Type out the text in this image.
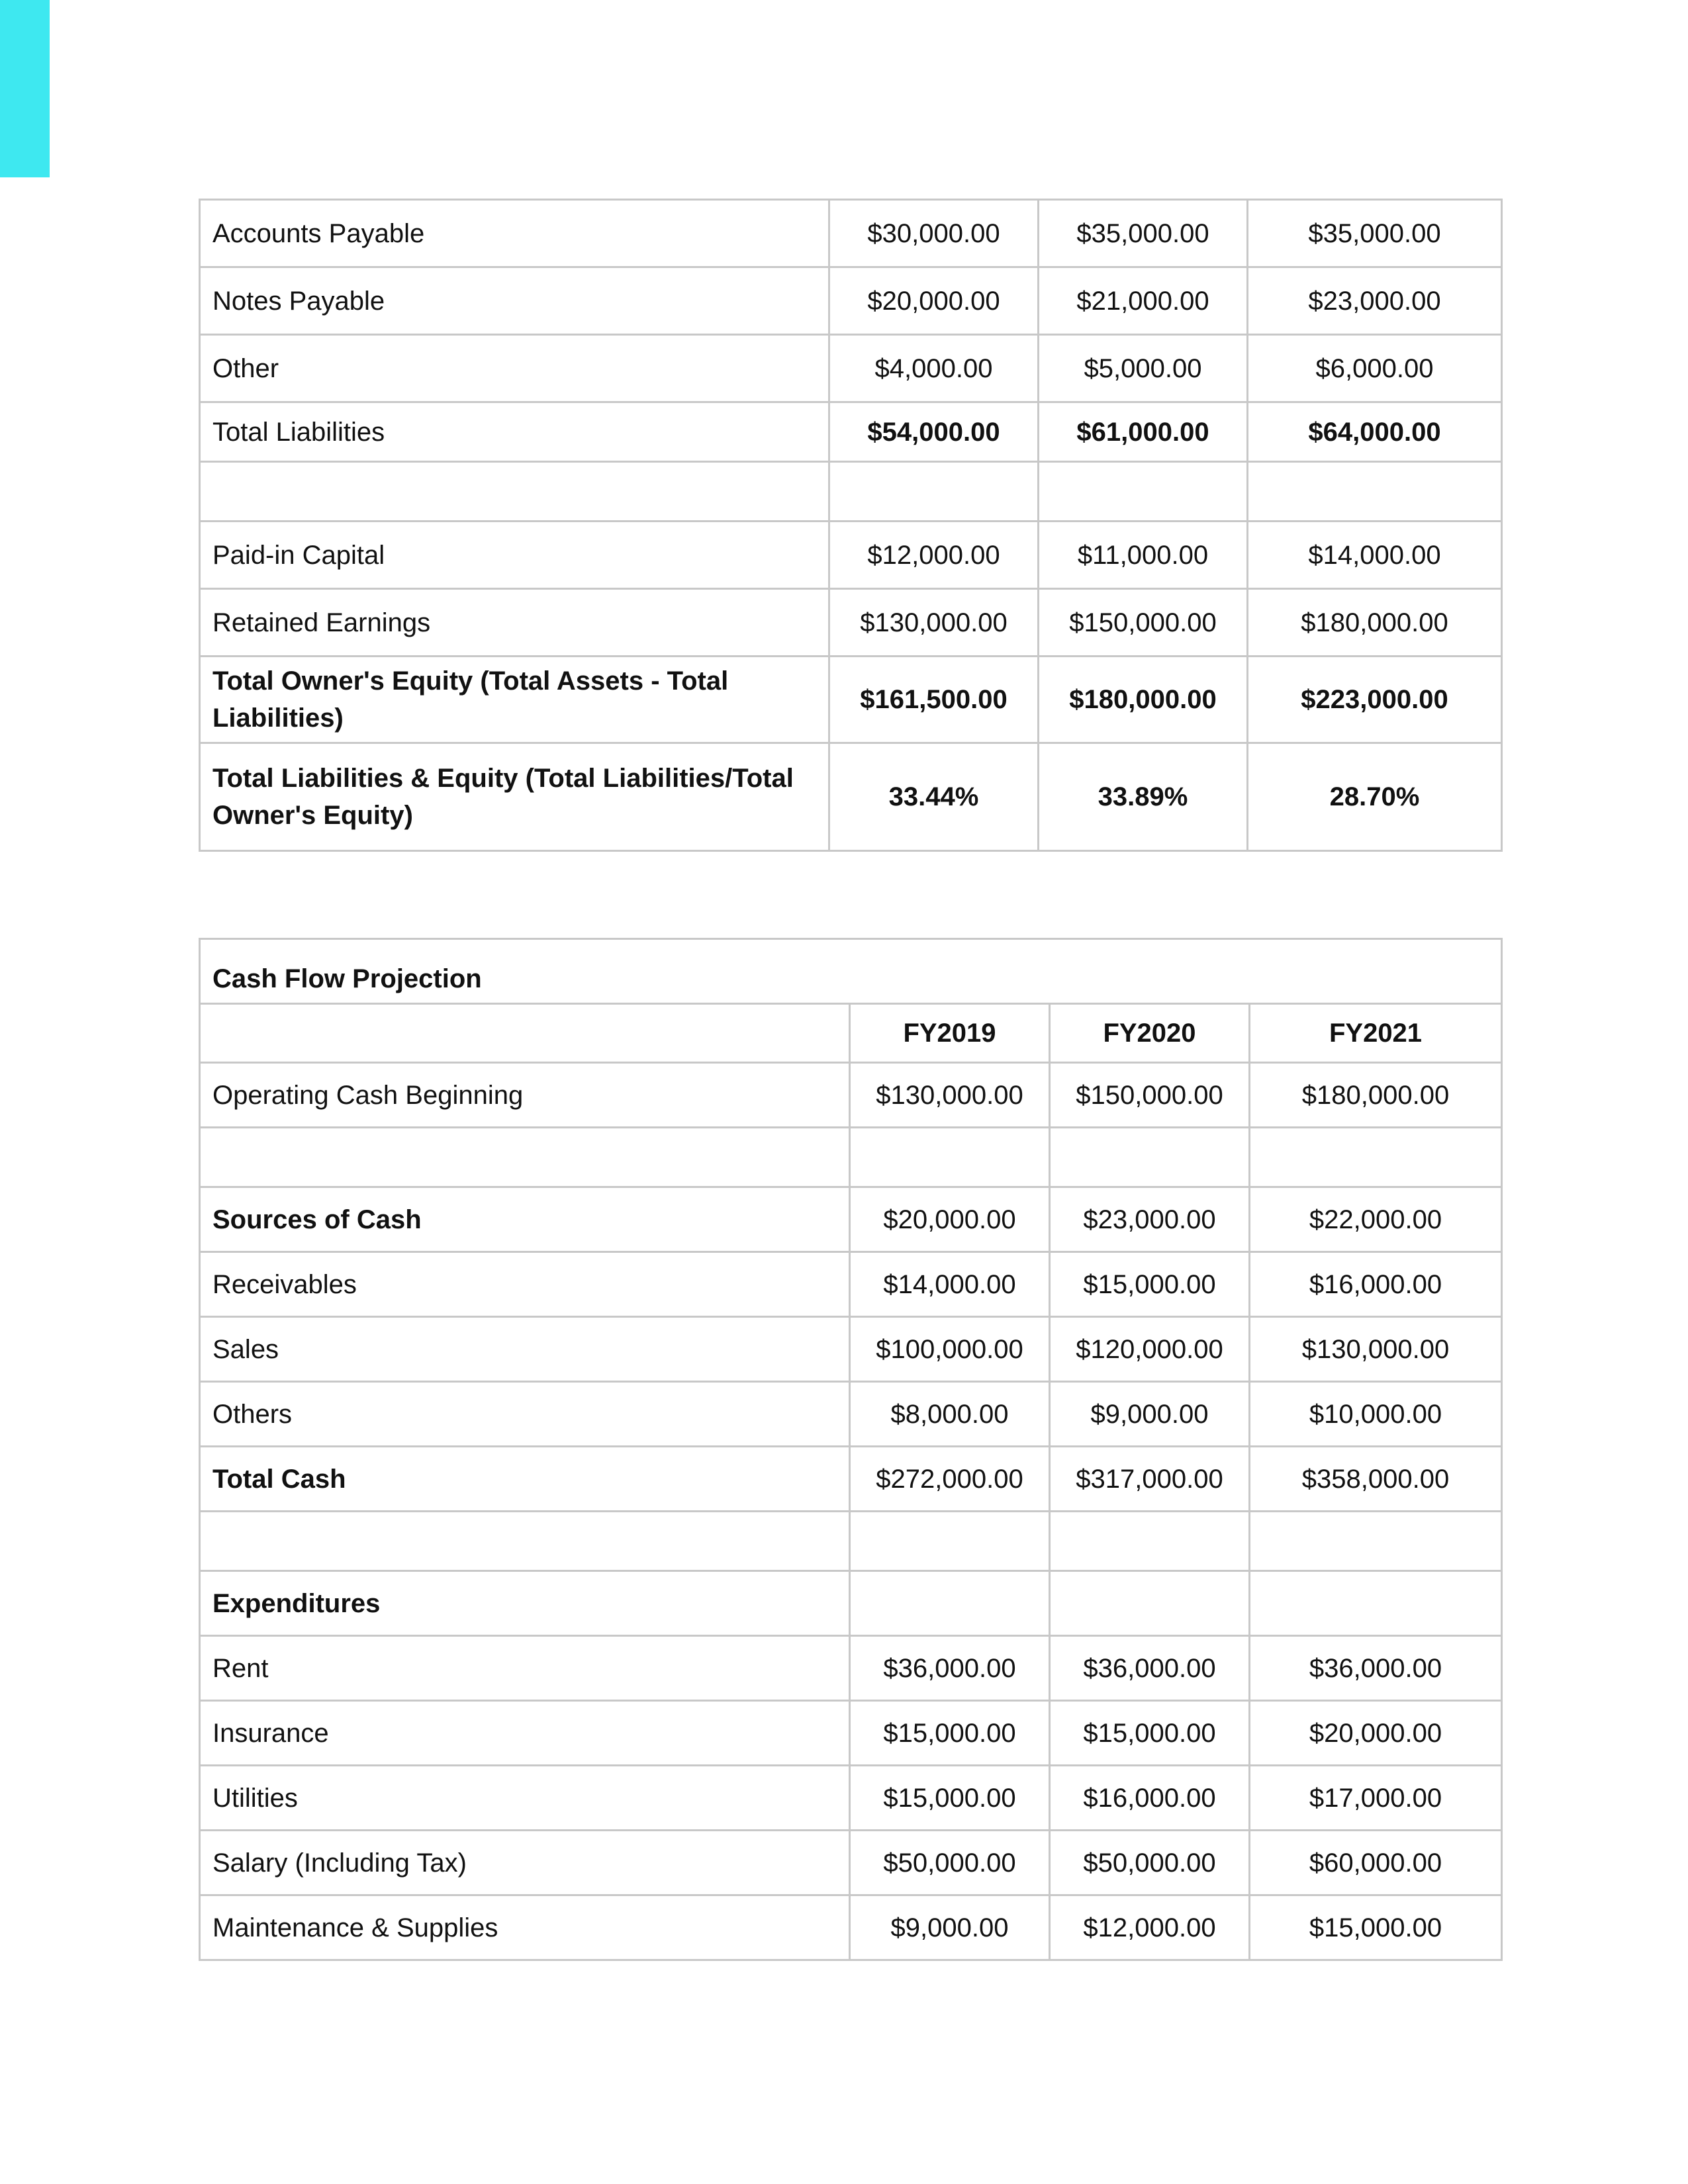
Accounts Payable	$30,000.00	$35,000.00	$35,000.00
Notes Payable	$20,000.00	$21,000.00	$23,000.00
Other	$4,000.00	$5,000.00	$6,000.00
Total Liabilities	$54,000.00	$61,000.00	$64,000.00

Paid-in Capital	$12,000.00	$11,000.00	$14,000.00
Retained Earnings	$130,000.00	$150,000.00	$180,000.00
Total Owner's Equity (Total Assets - Total Liabilities)	$161,500.00	$180,000.00	$223,000.00
Total Liabilities & Equity (Total Liabilities/Total Owner's Equity)	33.44%	33.89%	28.70%
Cash Flow Projection			
	FY2019	FY2020	FY2021
Operating Cash Beginning	$130,000.00	$150,000.00	$180,000.00

Sources of Cash	$20,000.00	$23,000.00	$22,000.00
Receivables	$14,000.00	$15,000.00	$16,000.00
Sales	$100,000.00	$120,000.00	$130,000.00
Others	$8,000.00	$9,000.00	$10,000.00
Total Cash	$272,000.00	$317,000.00	$358,000.00

Expenditures			
Rent	$36,000.00	$36,000.00	$36,000.00
Insurance	$15,000.00	$15,000.00	$20,000.00
Utilities	$15,000.00	$16,000.00	$17,000.00
Salary (Including Tax)	$50,000.00	$50,000.00	$60,000.00
Maintenance & Supplies	$9,000.00	$12,000.00	$15,000.00
